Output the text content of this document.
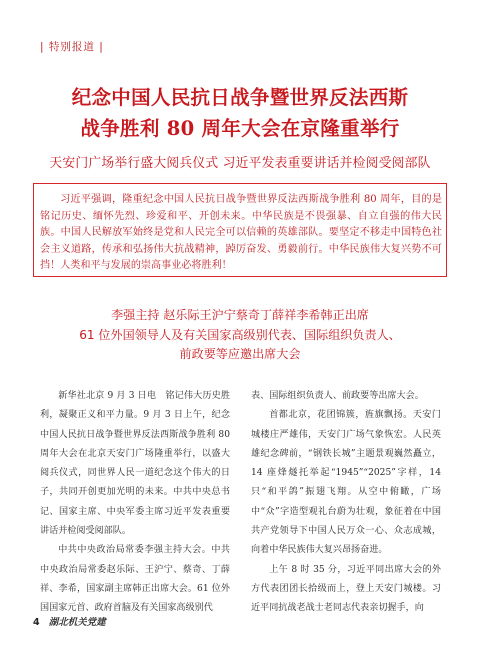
| 特别报道 |
纪念中国人民抗日战争暨世界反法西斯
战争胜利 80 周年大会在京隆重举行
天安门广场举行盛大阅兵仪式 习近平发表重要讲话并检阅受阅部队
习近平强调，隆重纪念中国人民抗日战争暨世界反法西斯战争胜利 80 周年，目的是铭记历史、缅怀先烈、珍爱和平、开创未来。中华民族是不畏强暴、自立自强的伟大民族。中国人民解放军始终是党和人民完全可以信赖的英雄部队。要坚定不移走中国特色社会主义道路，传承和弘扬伟大抗战精神，踔厉奋发、勇毅前行。中华民族伟大复兴势不可挡！人类和平与发展的崇高事业必将胜利！
李强主持 赵乐际王沪宁蔡奇丁薛祥李希韩正出席
61 位外国领导人及有关国家高级别代表、国际组织负责人、
前政要等应邀出席大会

新华社北京 9 月 3 日电　铭记伟大历史胜利，凝聚正义和平力量。9 月 3 日上午，纪念中国人民抗日战争暨世界反法西斯战争胜利 80 周年大会在北京天安门广场隆重举行，以盛大阅兵仪式，同世界人民一道纪念这个伟大的日子，共同开创更加光明的未来。中共中央总书记、国家主席、中央军委主席习近平发表重要讲话并检阅受阅部队。

中共中央政治局常委李强主持大会。中共中央政治局常委赵乐际、王沪宁、蔡奇、丁薛祥、李希，国家副主席韩正出席大会。61 位外国国家元首、政府首脑及有关国家高级别代

表、国际组织负责人、前政要等出席大会。

首都北京，花团锦簇，旌旗飘扬。天安门城楼庄严雄伟，天安门广场气象恢宏。人民英雄纪念碑前，“钢铁长城”主题景观巍然矗立，14 座烽燧托举起“1945”“2025”字样，14 只“和平鸽”振翅飞翔。从空中俯瞰，广场中“众”字造型观礼台蔚为壮观，象征着在中国共产党领导下中国人民万众一心、众志成城，向着中华民族伟大复兴昂扬奋进。

上午 8 时 35 分，习近平同出席大会的外方代表团团长拾级而上，登上天安门城楼。习近平同抗战老战士老同志代表亲切握手，向

4 湖北机关党建
